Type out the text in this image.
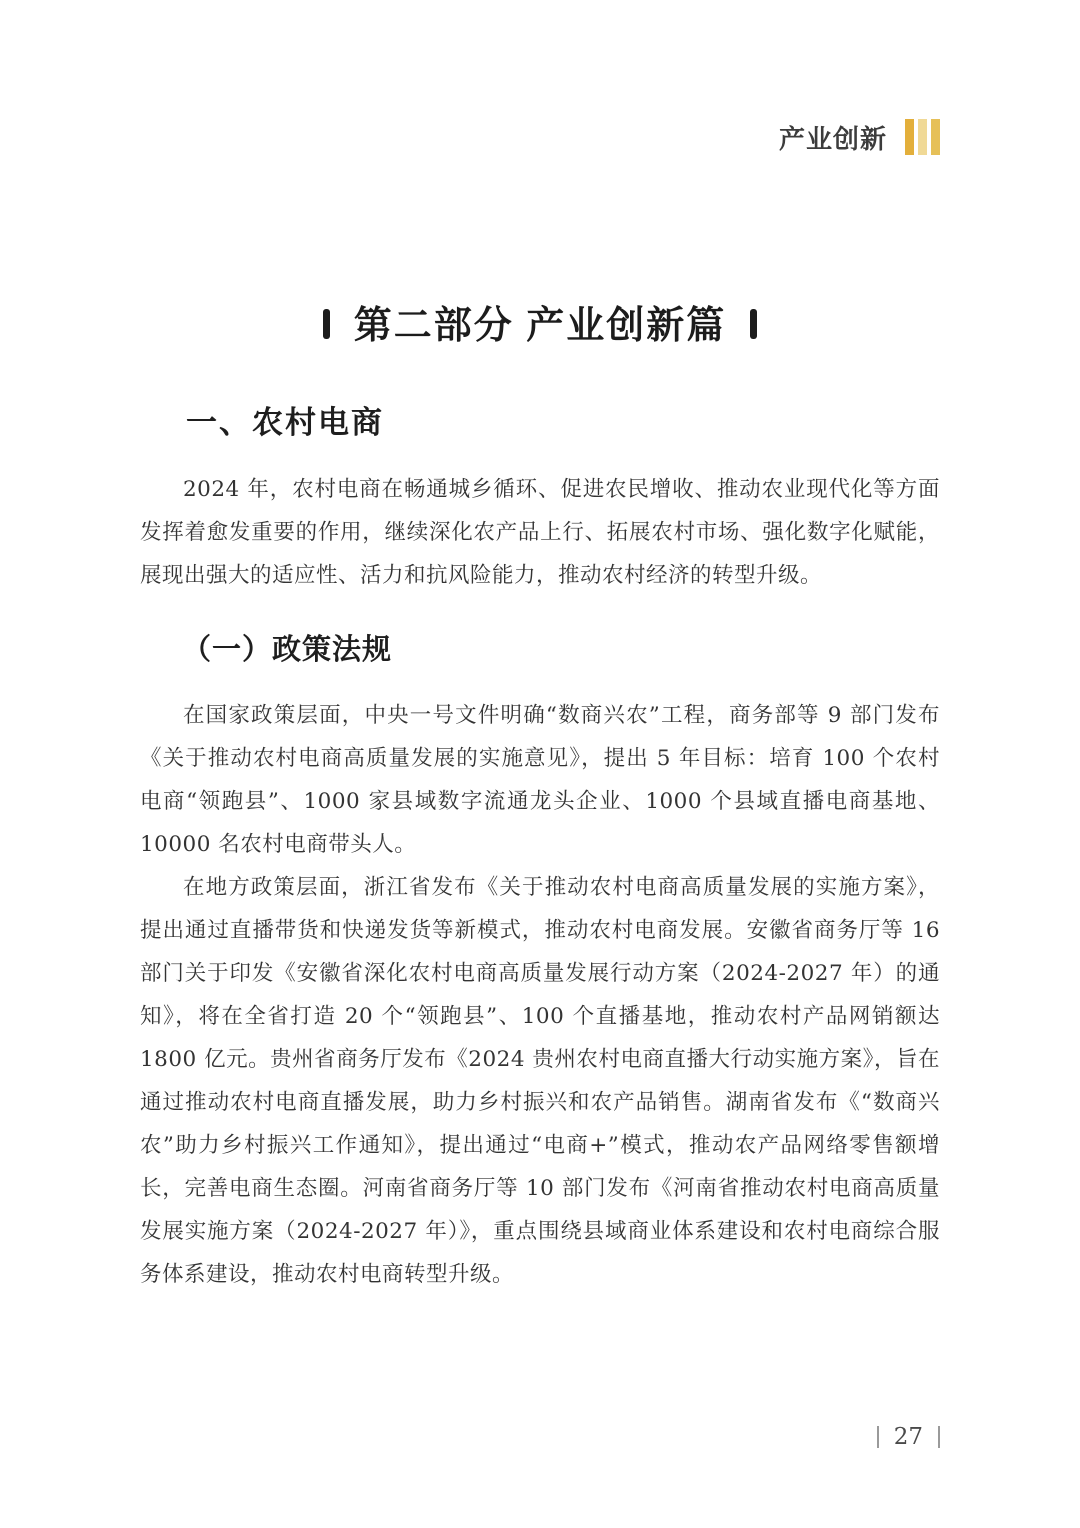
产业创新
第二部分 产业创新篇
一、农村电商

2024 年，农村电商在畅通城乡循环、促进农民增收、推动农业现代化等方面发挥着愈发重要的作用，继续深化农产品上行、拓展农村市场、强化数字化赋能，展现出强大的适应性、活力和抗风险能力，推动农村经济的转型升级。

（一）政策法规

在国家政策层面，中央一号文件明确“数商兴农”工程，商务部等 9 部门发布《关于推动农村电商高质量发展的实施意见》，提出 5 年目标：培育 100 个农村电商“领跑县”、1000 家县域数字流通龙头企业、1000 个县域直播电商基地、10000 名农村电商带头人。

在地方政策层面，浙江省发布《关于推动农村电商高质量发展的实施方案》，提出通过直播带货和快递发货等新模式，推动农村电商发展。安徽省商务厅等 16 部门关于印发《安徽省深化农村电商高质量发展行动方案（2024-2027 年）的通知》，将在全省打造 20 个“领跑县”、100 个直播基地，推动农村产品网销额达 1800 亿元。贵州省商务厅发布《2024 贵州农村电商直播大行动实施方案》，旨在通过推动农村电商直播发展，助力乡村振兴和农产品销售。湖南省发布《“数商兴农”助力乡村振兴工作通知》，提出通过“电商+”模式，推动农产品网络零售额增长，完善电商生态圈。河南省商务厅等 10 部门发布《河南省推动农村电商高质量发展实施方案（2024-2027 年）》，重点围绕县域商业体系建设和农村电商综合服务体系建设，推动农村电商转型升级。

27
